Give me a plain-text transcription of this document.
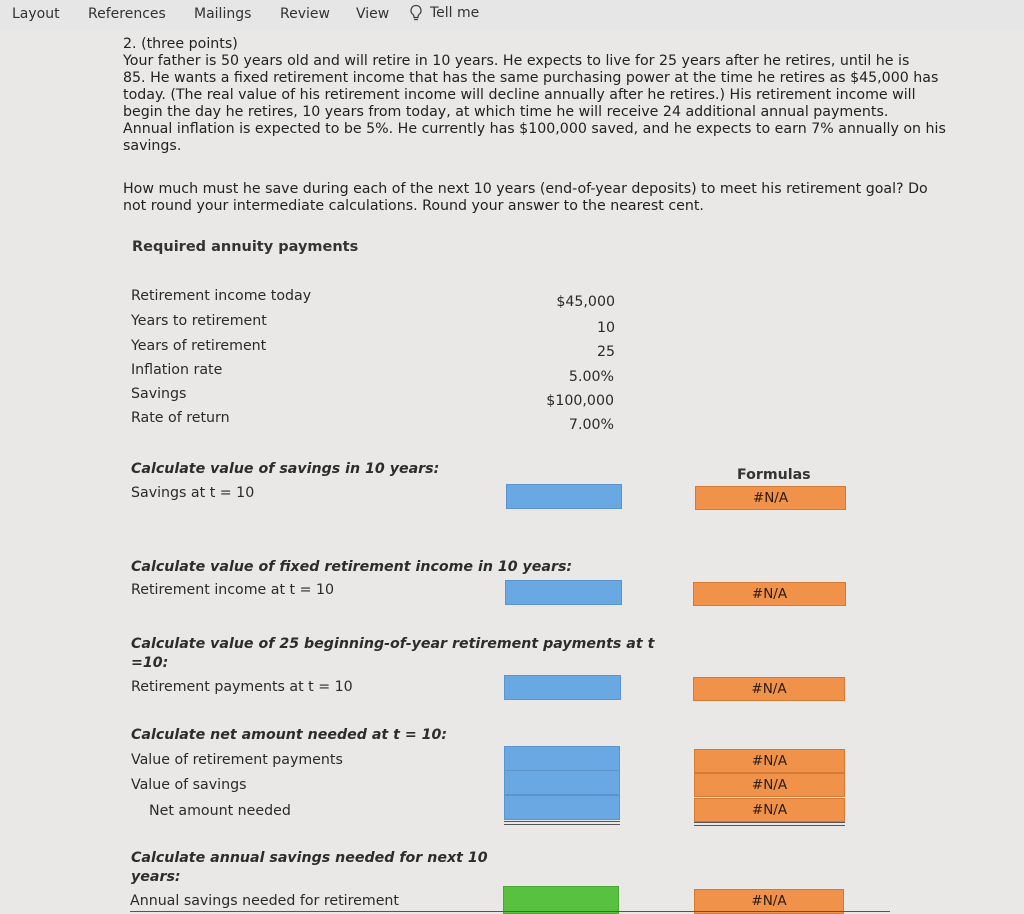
Layout References Mailings Review View	Tell me
2. (three points)
Your father is 50 years old and will retire in 10 years. He expects to live for 25 years after he retires, until he is
85. He wants a fixed retirement income that has the same purchasing power at the time he retires as $45,000 has
today. (The real value of his retirement income will decline annually after he retires.) His retirement income will
begin the day he retires, 10 years from today, at which time he will receive 24 additional annual payments.
Annual inflation is expected to be 5%. He currently has $100,000 saved, and he expects to earn 7% annually on his
savings.
How much must he save during each of the next 10 years (end-of-year deposits) to meet his retirement goal? Do
not round your intermediate calculations. Round your answer to the nearest cent.
Required annuity payments
Retirement income today	$45,000
Years to retirement	10
Years of retirement	25
Inflation rate	5.00%
Savings	$100,000
Rate of return	7.00%
Formulas
Calculate value of savings in 10 years:
Savings at t = 10	#N/A
Calculate value of fixed retirement income in 10 years:
Retirement income at t = 10	#N/A
Calculate value of 25 beginning-of-year retirement payments at t
=10:
Retirement payments at t = 10	#N/A
Calculate net amount needed at t = 10:
Value of retirement payments	#N/A
Value of savings	#N/A
Net amount needed	#N/A
Calculate annual savings needed for next 10
years:
Annual savings needed for retirement	#N/A
